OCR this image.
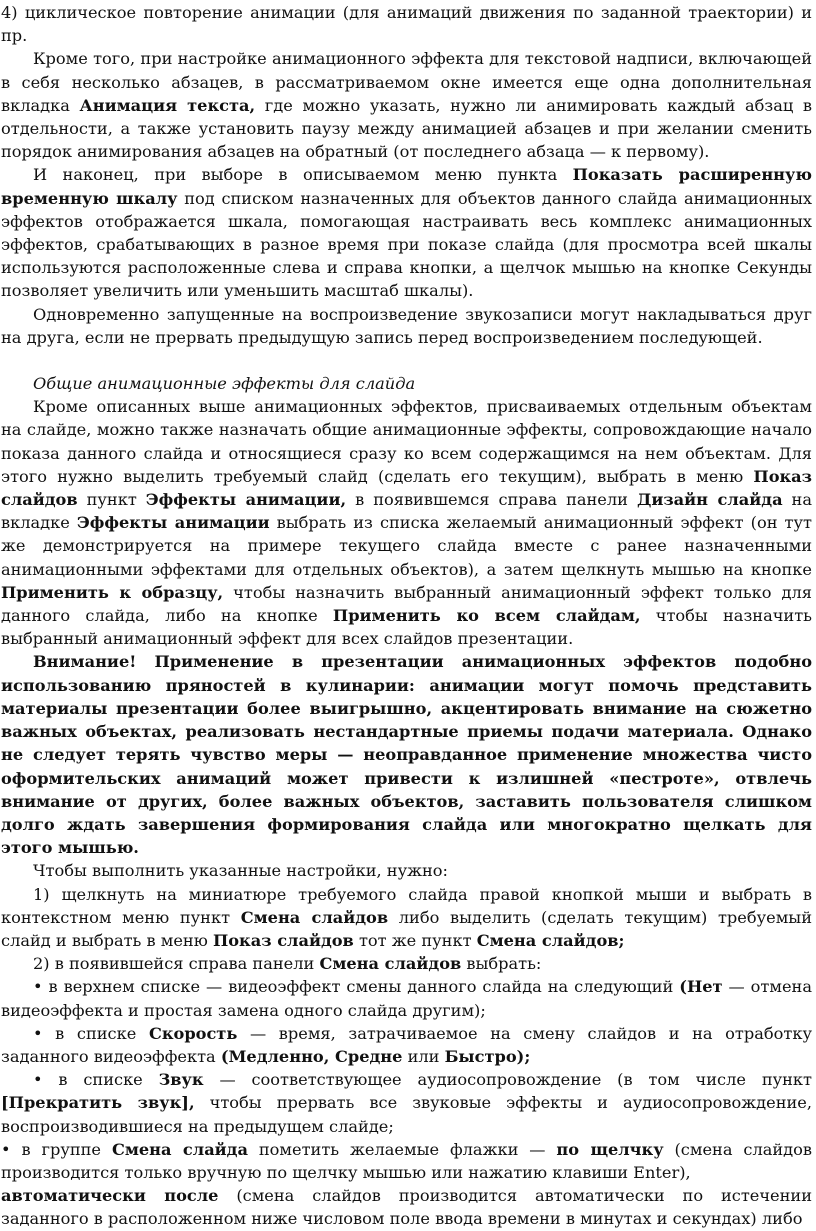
4) циклическое повторение анимации (для анимаций движения по заданной траектории) и пр.

Кроме того, при настройке анимационного эффекта для текстовой надписи, включающей в себя несколько абзацев, в рассматриваемом окне имеется еще одна дополнительная вкладка Анимация текста, где можно указать, нужно ли анимировать каждый абзац в отдельности, а также установить паузу между анимацией абзацев и при желании сменить порядок анимирования абзацев на обратный (от последнего абзаца — к первому).

И наконец, при выборе в описываемом меню пункта Показать расширенную временную шкалу под списком назначенных для объектов данного слайда анимационных эффектов отображается шкала, помогающая настраивать весь комплекс анимационных эффектов, срабатывающих в разное время при показе слайда (для просмотра всей шкалы используются расположенные слева и справа кнопки, а щелчок мышью на кнопке Секунды позволяет увеличить или уменьшить масштаб шкалы).

Одновременно запущенные на воспроизведение звукозаписи могут накладываться друг на друга, если не прервать предыдущую запись перед воспроизведением последующей.

Общие анимационные эффекты для слайда

Кроме описанных выше анимационных эффектов, присваиваемых отдельным объектам на слайде, можно также назначать общие анимационные эффекты, сопровождающие начало показа данного слайда и относящиеся сразу ко всем содержащимся на нем объектам. Для этого нужно выделить требуемый слайд (сделать его текущим), выбрать в меню Показ слайдов пункт Эффекты анимации, в появившемся справа панели Дизайн слайда на вкладке Эффекты анимации выбрать из списка желаемый анимационный эффект (он тут же демонстрируется на примере текущего слайда вместе с ранее назначенными анимационными эффектами для отдельных объектов), а затем щелкнуть мышью на кнопке Применить к образцу, чтобы назначить выбранный анимационный эффект только для данного слайда, либо на кнопке Применить ко всем слайдам, чтобы назначить выбранный анимационный эффект для всех слайдов презентации.

Внимание! Применение в презентации анимационных эффектов подобно использованию пряностей в кулинарии: анимации могут помочь представить материалы презентации более выигрышно, акцентировать внимание на сюжетно важных объектах, реализовать нестандартные приемы подачи материала. Однако не следует терять чувство меры — неоправданное применение множества чисто оформительских анимаций может привести к излишней «пестроте», отвлечь внимание от других, более важных объектов, заставить пользователя слишком долго ждать завершения формирования слайда или многократно щелкать для этого мышью.

Чтобы выполнить указанные настройки, нужно:

1) щелкнуть на миниатюре требуемого слайда правой кнопкой мыши и выбрать в контекстном меню пункт Смена слайдов либо выделить (сделать текущим) требуемый слайд и выбрать в меню Показ слайдов тот же пункт Смена слайдов;

2) в появившейся справа панели Смена слайдов выбрать:

• в верхнем списке — видеоэффект смены данного слайда на следующий (Нет — отмена видеоэффекта и простая замена одного слайда другим);

• в списке Скорость — время, затрачиваемое на смену слайдов и на отработку заданного видеоэффекта (Медленно, Средне или Быстро);

• в списке Звук — соответствующее аудиосопровождение (в том числе пункт [Прекратить звук], чтобы прервать все звуковые эффекты и аудиосопровождение, воспроизводившиеся на предыдущем слайде;

• в группе Смена слайда пометить желаемые флажки — по щелчку (смена слайдов производится только вручную по щелчку мышью или нажатию клавиши Enter),

автоматически после (смена слайдов производится автоматически по истечении заданного в расположенном ниже числовом поле ввода времени в минутах и секундах) либо
